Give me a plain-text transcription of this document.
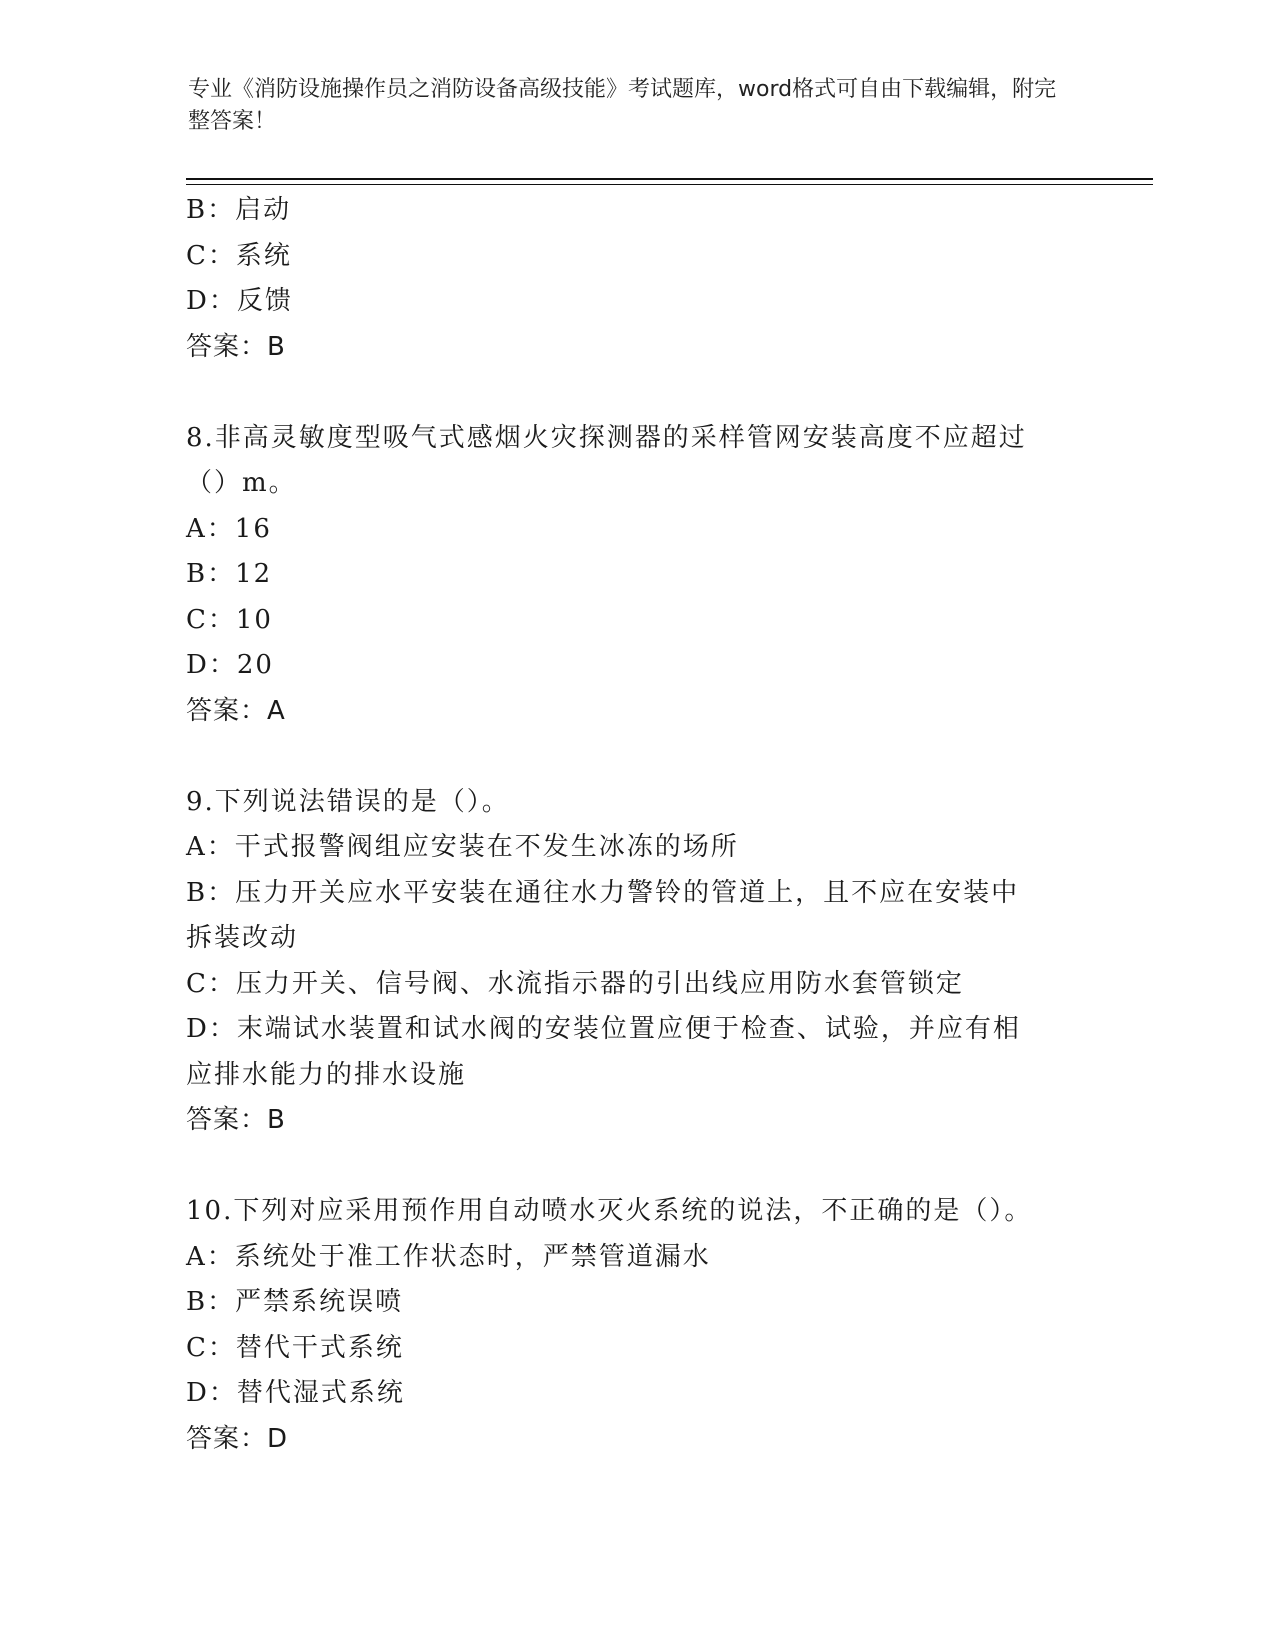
专业《消防设施操作员之消防设备高级技能》考试题库，word格式可自由下载编辑，附完整答案！
B：启动
C：系统
D：反馈
答案：B
8.非高灵敏度型吸气式感烟火灾探测器的采样管网安装高度不应超过（）m。
A：16
B：12
C：10
D：20
答案：A
9.下列说法错误的是（）。
A：干式报警阀组应安装在不发生冰冻的场所
B：压力开关应水平安装在通往水力警铃的管道上，且不应在安装中拆装改动
C：压力开关、信号阀、水流指示器的引出线应用防水套管锁定
D：末端试水装置和试水阀的安装位置应便于检查、试验，并应有相应排水能力的排水设施
答案：B
10.下列对应采用预作用自动喷水灭火系统的说法，不正确的是（）。
A：系统处于准工作状态时，严禁管道漏水
B：严禁系统误喷
C：替代干式系统
D：替代湿式系统
答案：D
